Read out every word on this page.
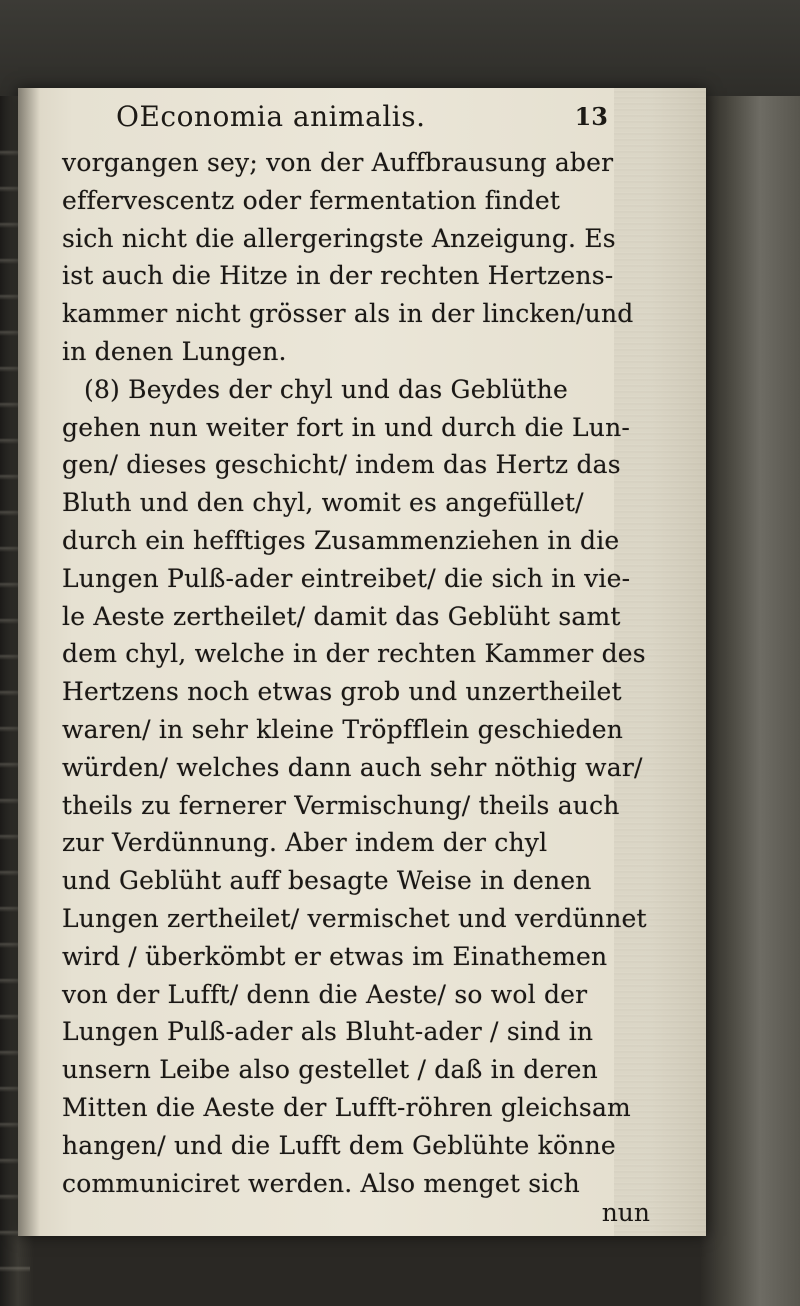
OEconomia animalis.	13
vorgangen sey; von der Auffbrausung aber
effervescentz oder fermentation findet
sich nicht die allergeringste Anzeigung. Es
ist auch die Hitze in der rechten Hertzens-
kammer nicht grösser als in der lincken/und
in denen Lungen.
(8) Beydes der chyl und das Geblüthe
gehen nun weiter fort in und durch die Lun-
gen/ dieses geschicht/ indem das Hertz das
Bluth und den chyl, womit es angefüllet/
durch ein hefftiges Zusammenziehen in die
Lungen Pulß-ader eintreibet/ die sich in vie-
le Aeste zertheilet/ damit das Geblüht samt
dem chyl, welche in der rechten Kammer des
Hertzens noch etwas grob und unzertheilet
waren/ in sehr kleine Tröpfflein geschieden
würden/ welches dann auch sehr nöthig war/
theils zu fernerer Vermischung/ theils auch
zur Verdünnung. Aber indem der chyl
und Geblüht auff besagte Weise in denen
Lungen zertheilet/ vermischet und verdünnet
wird / überkömbt er etwas im Einathemen
von der Lufft/ denn die Aeste/ so wol der
Lungen Pulß-ader als Bluht-ader / sind in
unsern Leibe also gestellet / daß in deren
Mitten die Aeste der Lufft-röhren gleichsam
hangen/ und die Lufft dem Geblühte könne
communiciret werden. Also menget sich
nun
